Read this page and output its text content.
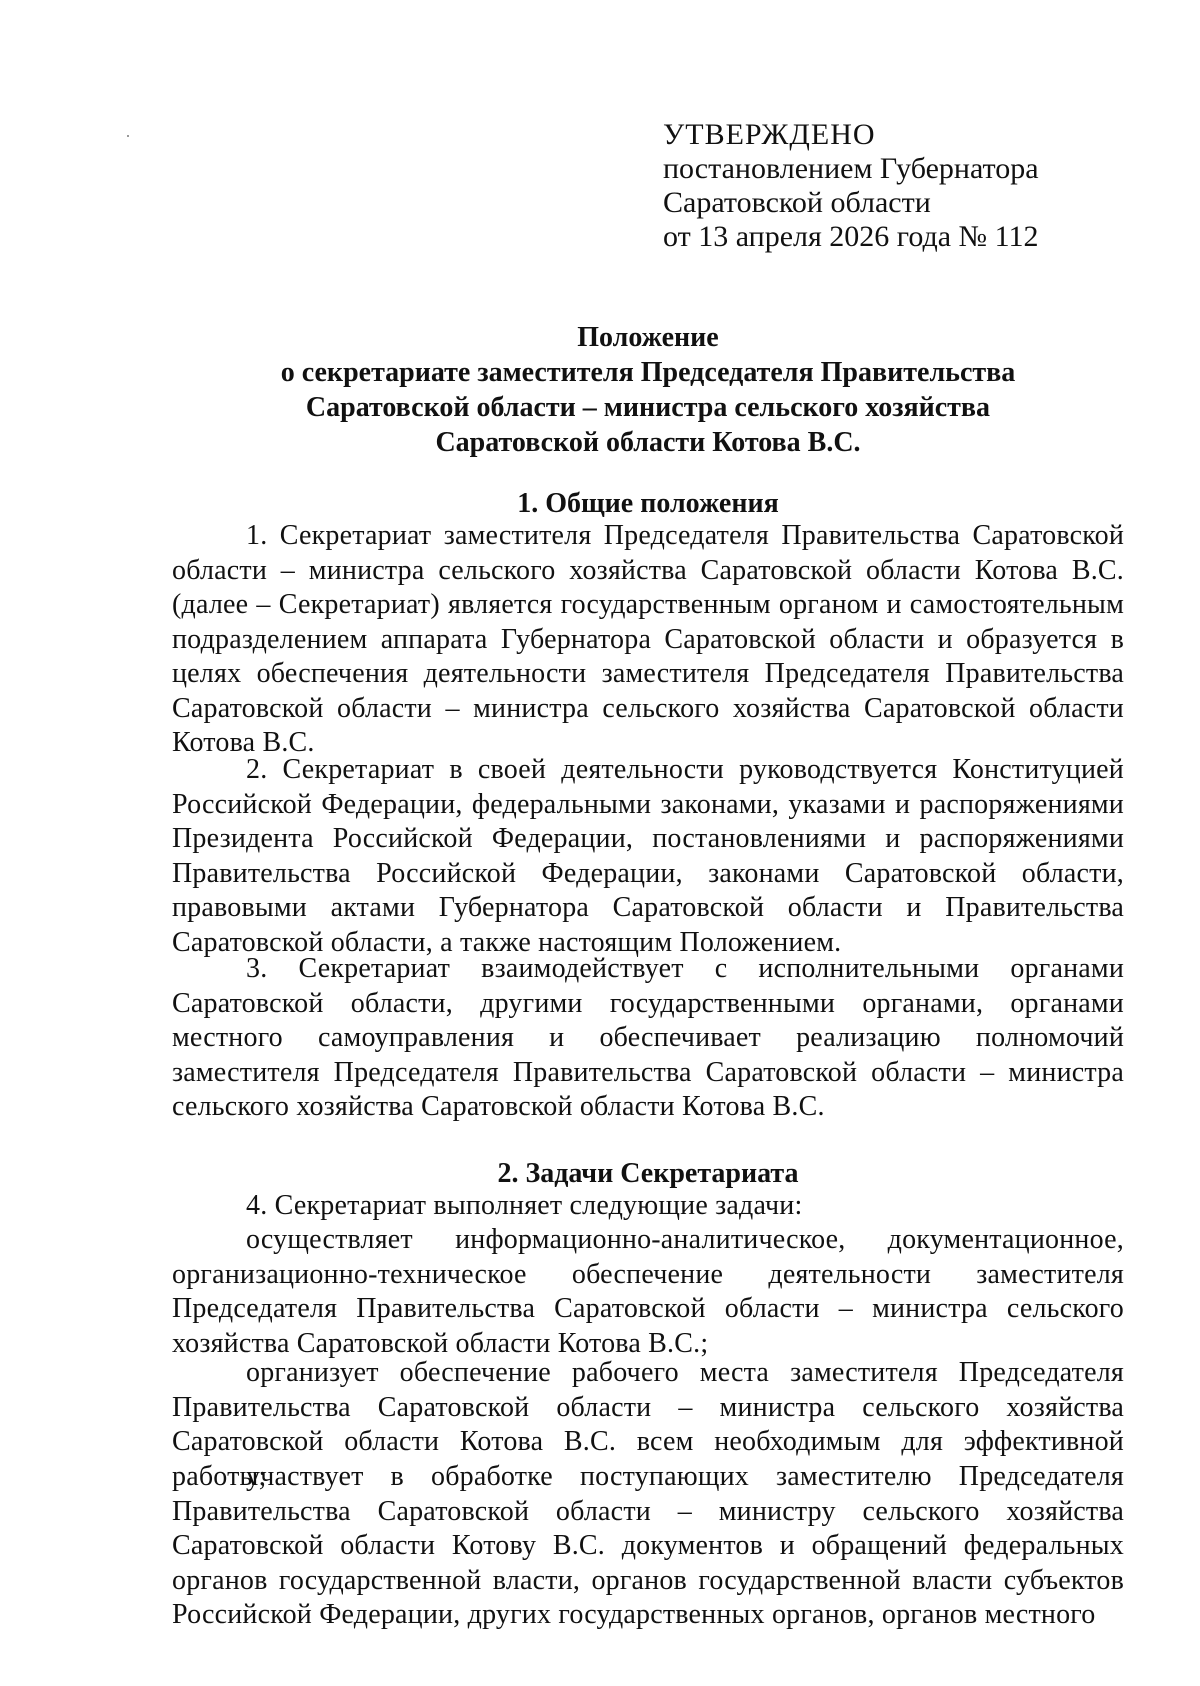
УТВЕРЖДЕНО
постановлением Губернатора
Саратовской области
от 13 апреля 2026 года № 112
Положение
о секретариате заместителя Председателя Правительства
Саратовской области – министра сельского хозяйства
Саратовской области Котова В.С.
1. Общие положения
1. Секретариат заместителя Председателя Правительства Саратовской области – министра сельского хозяйства Саратовской области Котова В.С. (далее – Секретариат) является государственным органом и самостоятельным подразделением аппарата Губернатора Саратовской области и образуется в целях обеспечения деятельности заместителя Председателя Правительства Саратовской области – министра сельского хозяйства Саратовской области Котова В.С.
2. Секретариат в своей деятельности руководствуется Конституцией Российской Федерации, федеральными законами, указами и распоряжениями Президента Российской Федерации, постановлениями и распоряжениями Правительства Российской Федерации, законами Саратовской области, правовыми актами Губернатора Саратовской области и Правительства Саратовской области, а также настоящим Положением.
3. Секретариат взаимодействует с исполнительными органами Саратовской области, другими государственными органами, органами местного самоуправления и обеспечивает реализацию полномочий заместителя Председателя Правительства Саратовской области – министра сельского хозяйства Саратовской области Котова В.С.
2. Задачи Секретариата
4. Секретариат выполняет следующие задачи:
осуществляет информационно-аналитическое, документационное, организационно-техническое обеспечение деятельности заместителя Председателя Правительства Саратовской области – министра сельского хозяйства Саратовской области Котова В.С.;
организует обеспечение рабочего места заместителя Председателя Правительства Саратовской области – министра сельского хозяйства Саратовской области Котова В.С. всем необходимым для эффективной работы;
участвует в обработке поступающих заместителю Председателя Правительства Саратовской области – министру сельского хозяйства Саратовской области Котову В.С. документов и обращений федеральных органов государственной власти, органов государственной власти субъектов Российской Федерации, других государственных органов, органов местного
